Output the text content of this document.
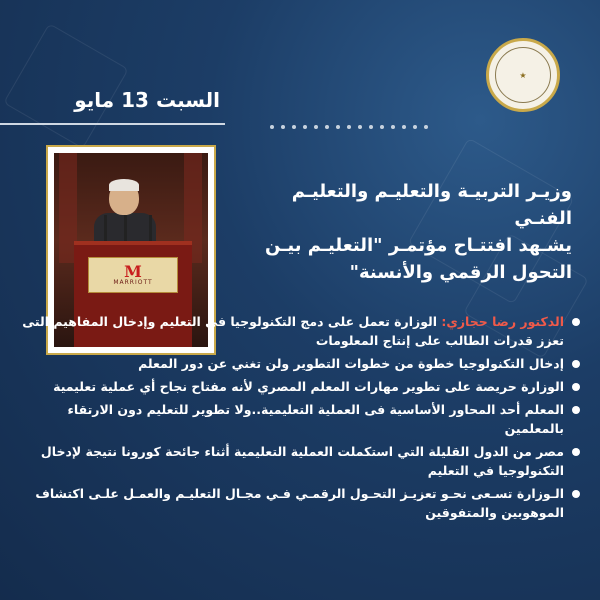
★
السبت 13 مايو
M
MARRIOTT
وزيـر التربيـة والتعليـم والتعليـم الفنـي
يشـهد افتتـاح مؤتمـر "التعليـم بيـن
التحول الرقمي والأنسنة"
الدكتور رضا حجازي: الوزارة تعمل على دمج التكنولوجيا فى التعليم وإدخال المفاهيم التى تعزز قدرات الطالب على إنتاج المعلومات
إدخال التكنولوجيا خطوة من خطوات التطوير ولن تغني عن دور المعلم
الوزارة حريصة على تطوير مهارات المعلم المصري لأنه مفتاح نجاح أي عملية تعليمية
المعلم أحد المحاور الأساسية فى العملية التعليمية..ولا تطوير للتعليم دون الارتقاء بالمعلمين
مصر من الدول القليلة التي استكملت العملية التعليمية أثناء جائحة كورونا نتيجة لإدخال التكنولوجيا في التعليم
الـوزارة تسـعى نحـو تعزيـز التحـول الرقمـي فـي مجـال التعليـم والعمـل علـى اكتشاف الموهوبين والمتفوقين
